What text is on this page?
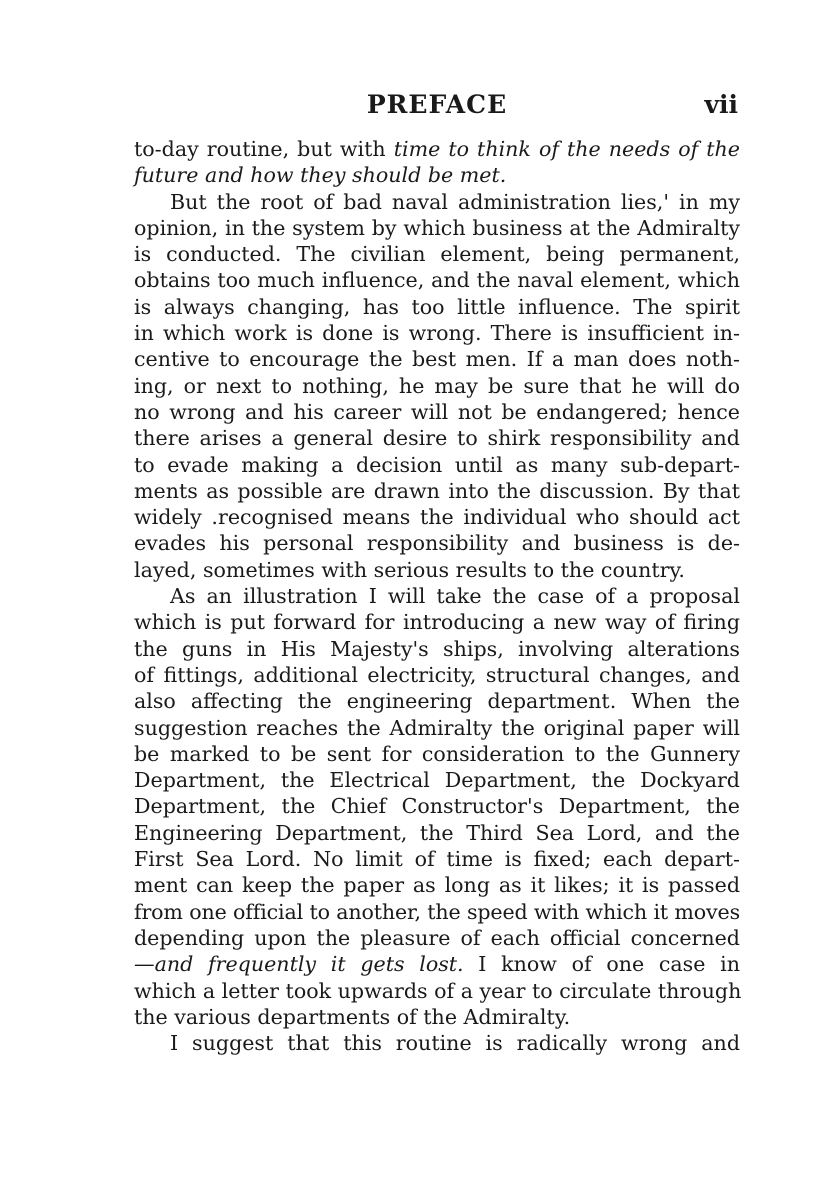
PREFACE	vii
to-day routine, but with time to think of the needs of the
future and how they should be met.
But the root of bad naval administration lies,' in my
opinion, in the system by which business at the Admiralty
is conducted. The civilian element, being permanent,
obtains too much influence, and the naval element, which
is always changing, has too little influence. The spirit
in which work is done is wrong. There is insufficient in-
centive to encourage the best men. If a man does noth-
ing, or next to nothing, he may be sure that he will do
no wrong and his career will not be endangered; hence
there arises a general desire to shirk responsibility and
to evade making a decision until as many sub-depart-
ments as possible are drawn into the discussion. By that
widely .recognised means the individual who should act
evades his personal responsibility and business is de-
layed, sometimes with serious results to the country.
As an illustration I will take the case of a proposal
which is put forward for introducing a new way of firing
the guns in His Majesty's ships, involving alterations
of fittings, additional electricity, structural changes, and
also affecting the engineering department. When the
suggestion reaches the Admiralty the original paper will
be marked to be sent for consideration to the Gunnery
Department, the Electrical Department, the Dockyard
Department, the Chief Constructor's Department, the
Engineering Department, the Third Sea Lord, and the
First Sea Lord. No limit of time is fixed; each depart-
ment can keep the paper as long as it likes; it is passed
from one official to another, the speed with which it moves
depending upon the pleasure of each official concerned
—and frequently it gets lost. I know of one case in
which a letter took upwards of a year to circulate through
the various departments of the Admiralty.
I suggest that this routine is radically wrong and
